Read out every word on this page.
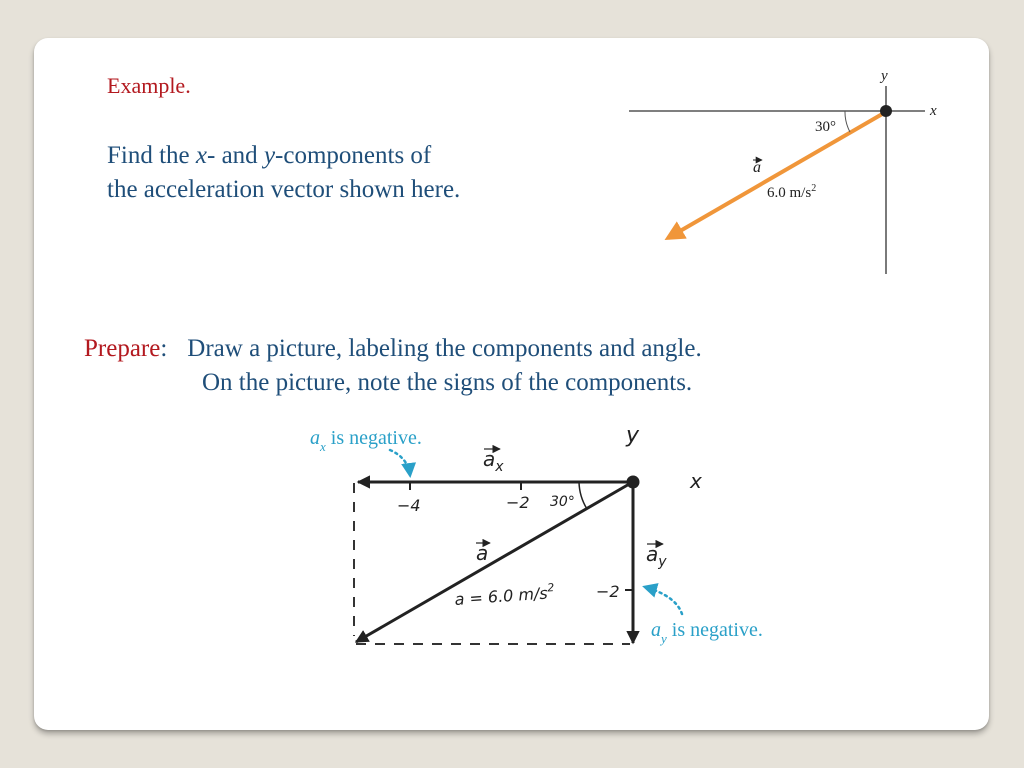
Example.
Find the x- and y-components of
the acceleration vector shown here.
Prepare: Draw a picture, labeling the components and angle.
On the picture, note the signs of the components.
y
x
30°
a
6.0 $m/s^2$
y
x
$a_x$
$a_y$
a
−4	−2 30°
−2
a = 6.0 $m/s^2$
$a_x$ is negative.
$a_y$ is negative.
